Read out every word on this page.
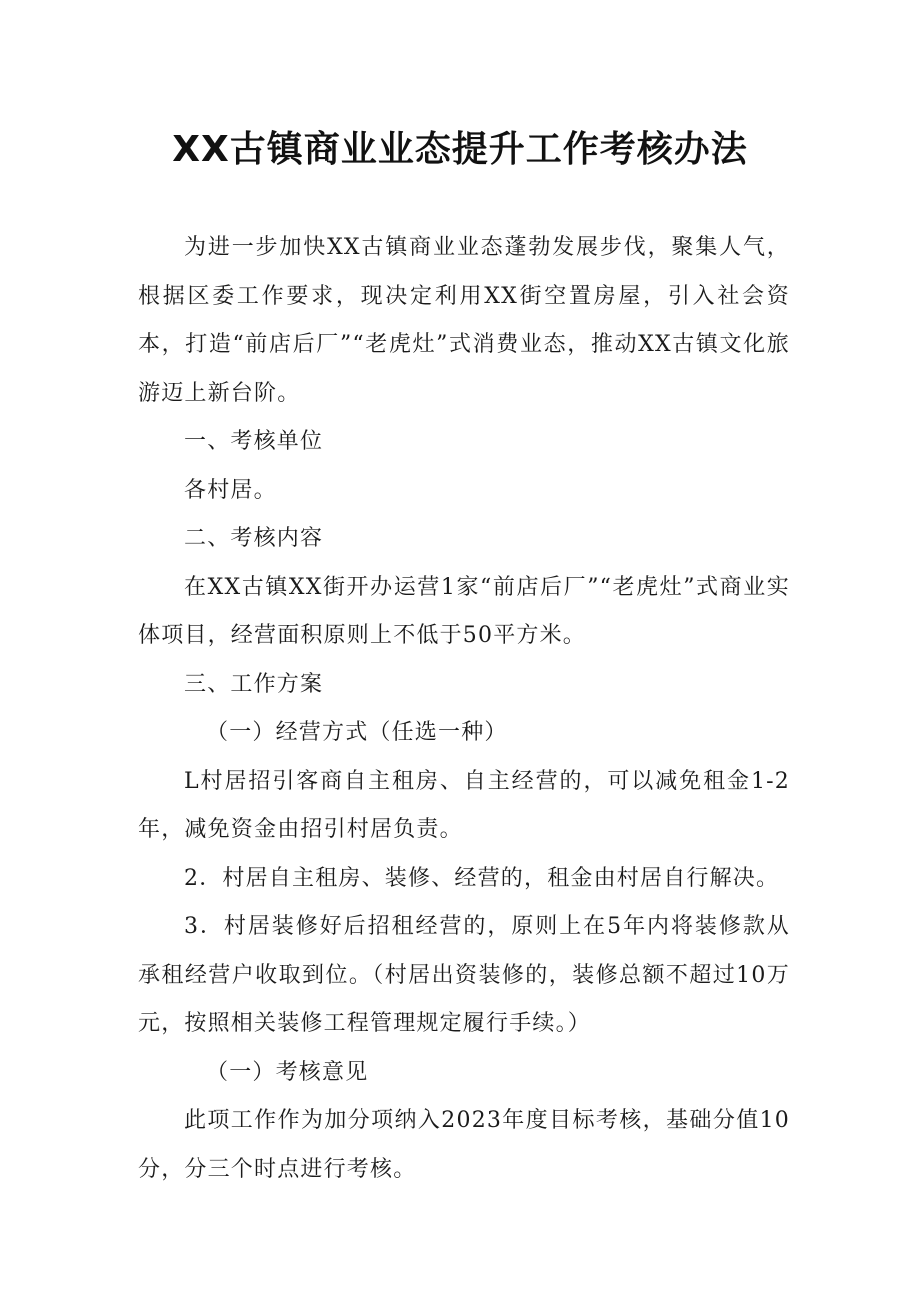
XX古镇商业业态提升工作考核办法

为进一步加快XX古镇商业业态蓬勃发展步伐，聚集人气，根据区委工作要求，现决定利用XX街空置房屋，引入社会资本，打造“前店后厂”“老虎灶”式消费业态，推动XX古镇文化旅游迈上新台阶。

一、考核单位

各村居。

二、考核内容

在XX古镇XX街开办运营1家“前店后厂”“老虎灶”式商业实体项目，经营面积原则上不低于50平方米。

三、工作方案

（一）经营方式（任选一种）

L村居招引客商自主租房、自主经营的，可以减免租金1-2年，减免资金由招引村居负责。

2．村居自主租房、装修、经营的，租金由村居自行解决。

3．村居装修好后招租经营的，原则上在5年内将装修款从承租经营户收取到位。（村居出资装修的，装修总额不超过10万元，按照相关装修工程管理规定履行手续。）

（一）考核意见

此项工作作为加分项纳入2023年度目标考核，基础分值10分，分三个时点进行考核。
